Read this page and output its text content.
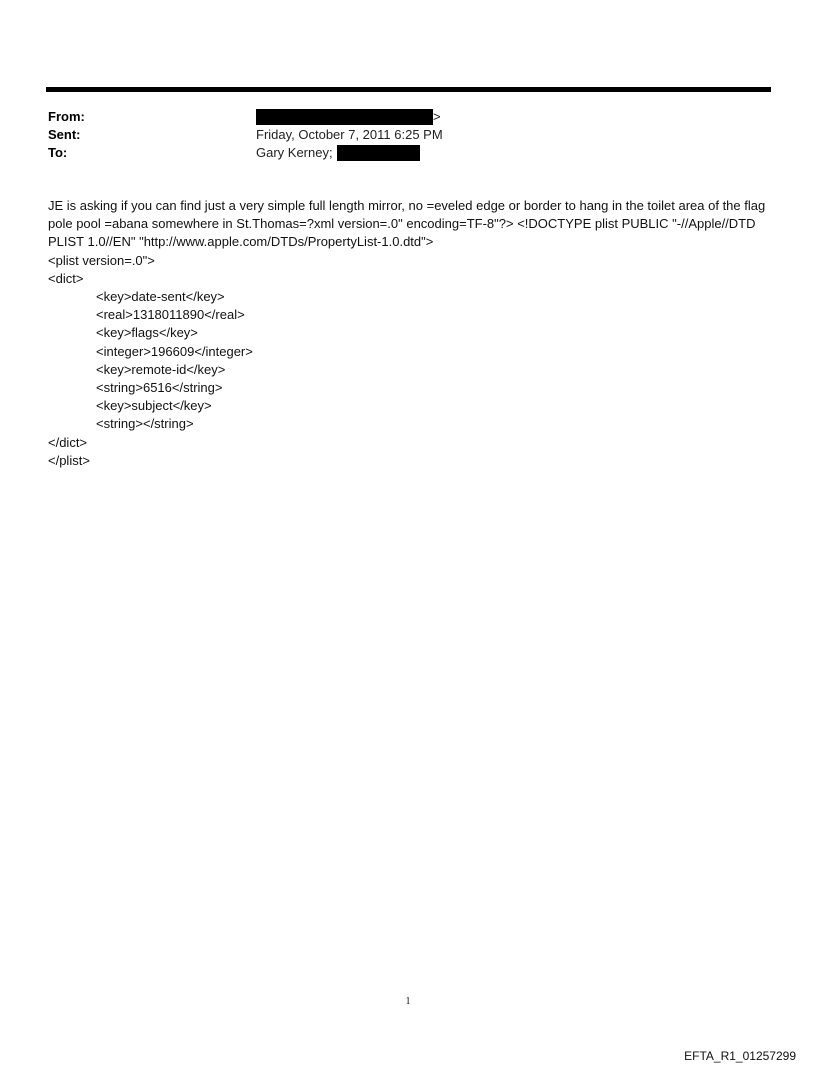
From:	>
Sent:	Friday, October 7, 2011 6:25 PM
To:	Gary Kerney;

JE is asking if you can find just a very simple full length mirror, no =eveled edge or border to hang in the toilet area of the flag pole pool =abana somewhere in St.Thomas=?xml version=.0" encoding=TF-8"?> <!DOCTYPE plist PUBLIC "-//Apple//DTD PLIST 1.0//EN" "http://www.apple.com/DTDs/PropertyList-1.0.dtd">

<plist version=.0">
<dict>
<key>date-sent</key>
<real>1318011890</real>
<key>flags</key>
<integer>196609</integer>
<key>remote-id</key>
<string>6516</string>
<key>subject</key>
<string></string>
</dict>
</plist>
1
EFTA_R1_01257299
